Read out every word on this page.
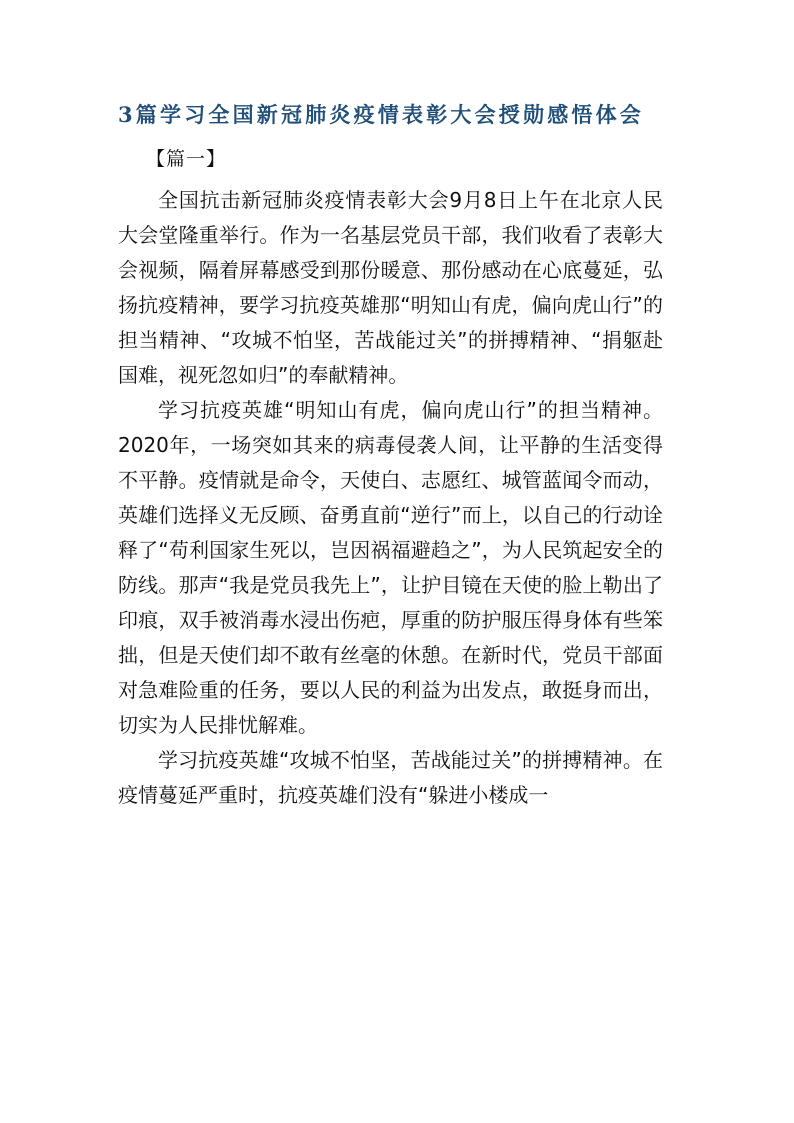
3篇学习全国新冠肺炎疫情表彰大会授勋感悟体会
【篇一】

全国抗击新冠肺炎疫情表彰大会9月8日上午在北京人民大会堂隆重举行。作为一名基层党员干部，我们收看了表彰大会视频，隔着屏幕感受到那份暖意、那份感动在心底蔓延，弘扬抗疫精神，要学习抗疫英雄那“明知山有虎，偏向虎山行”的担当精神、“攻城不怕坚，苦战能过关”的拼搏精神、“捐躯赴国难，视死忽如归”的奉献精神。

学习抗疫英雄“明知山有虎，偏向虎山行”的担当精神。2020年，一场突如其来的病毒侵袭人间，让平静的生活变得不平静。疫情就是命令，天使白、志愿红、城管蓝闻令而动，英雄们选择义无反顾、奋勇直前“逆行”而上，以自己的行动诠释了“苟利国家生死以，岂因祸福避趋之”，为人民筑起安全的防线。那声“我是党员我先上”，让护目镜在天使的脸上勒出了印痕，双手被消毒水浸出伤疤，厚重的防护服压得身体有些笨拙，但是天使们却不敢有丝毫的休憩。在新时代，党员干部面对急难险重的任务，要以人民的利益为出发点，敢挺身而出，切实为人民排忧解难。

学习抗疫英雄“攻城不怕坚，苦战能过关”的拼搏精神。在疫情蔓延严重时，抗疫英雄们没有“躲进小楼成一
